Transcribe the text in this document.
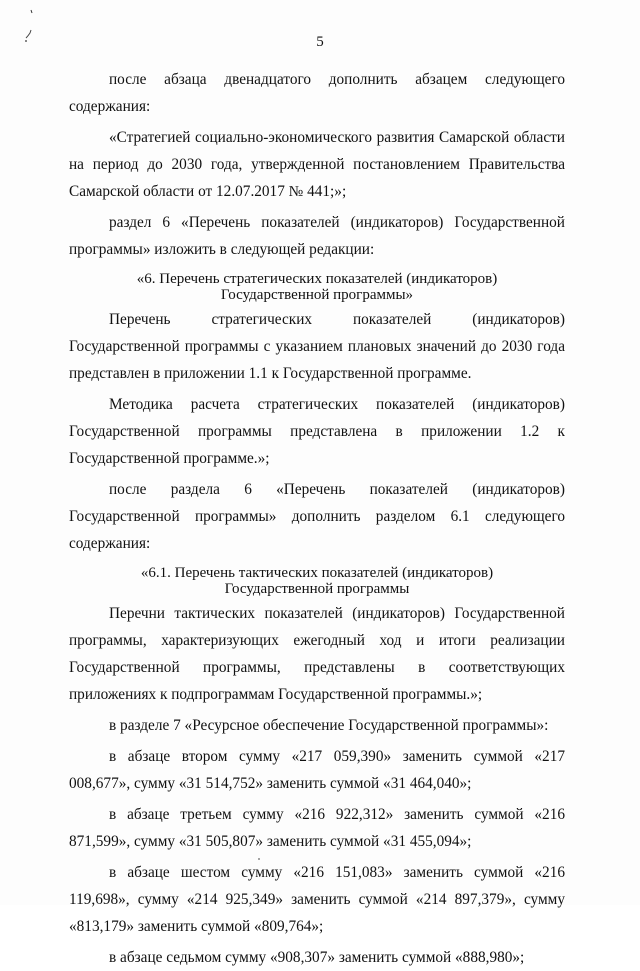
5

после абзаца двенадцатого дополнить абзацем следующего содержания:

«Стратегией социально-экономического развития Самарской области на период до 2030 года, утвержденной постановлением Правительства Самарской области от 12.07.2017 № 441;»;

раздел 6 «Перечень показателей (индикаторов) Государственной программы» изложить в следующей редакции:

«6. Перечень стратегических показателей (индикаторов)
Государственной программы»

Перечень стратегических показателей (индикаторов) Государственной программы с указанием плановых значений до 2030 года представлен в приложении 1.1 к Государственной программе.

Методика расчета стратегических показателей (индикаторов) Государственной программы представлена в приложении 1.2 к Государственной программе.»;

после раздела 6 «Перечень показателей (индикаторов) Государственной программы» дополнить разделом 6.1 следующего содержания:

«6.1. Перечень тактических показателей (индикаторов)
Государственной программы

Перечни тактических показателей (индикаторов) Государственной программы, характеризующих ежегодный ход и итоги реализации Государственной программы, представлены в соответствующих приложениях к подпрограммам Государственной программы.»;

в разделе 7 «Ресурсное обеспечение Государственной программы»:

в абзаце втором сумму «217 059,390» заменить суммой «217 008,677», сумму «31 514,752» заменить суммой «31 464,040»;

в абзаце третьем сумму «216 922,312» заменить суммой «216 871,599», сумму «31 505,807» заменить суммой «31 455,094»;

в абзаце шестом сумму «216 151,083» заменить суммой «216 119,698», сумму «214 925,349» заменить суммой «214 897,379», сумму «813,179» заменить суммой «809,764»;

в абзаце седьмом сумму «908,307» заменить суммой «888,980»;
